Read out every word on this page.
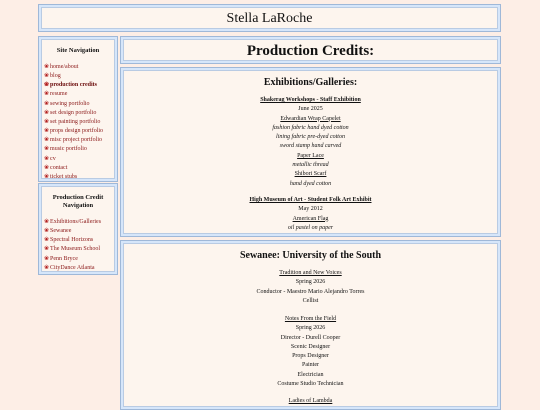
Stella LaRoche
Site Navigation
❀home/about
❀blog
❀production credits
❀resume
❀sewing portfolio
❀set design portfolio
❀set painting portfolio
❀props design portfolio
❀misc project portfolio
❀music portfolio
❀cv
❀contact
❀ticket stubs
Production Credit Navigation
❀Exhibitions/Galleries
❀Sewanee
❀Spectral Horizons
❀The Museum School
❀Penn Bryce
❀CityDance Atlanta
Production Credits:
Exhibitions/Galleries:
Shakerag Workshops - Staff Exhibition
June 2025
Edwardian Wrap Capelet
fashion fabric hand dyed cotton
lining fabric pre-dyed cotton
sword stamp hand carved
Paper Lace
metallic thread
Shibori Scarf
hand dyed cotton
High Museum of Art - Student Folk Art Exhibit
May 2012
American Flag
oil pastel on paper
Sewanee: University of the South
Tradition and New Voices
Spring 2026
Conductor - Maestro Mario Alejandro Torres
Cellist
Notes From the Field
Spring 2026
Director - Durell Cooper
Scenic Designer
Props Designer
Painter
Electrician
Costume Studio Technician
Ladies of Lambda
